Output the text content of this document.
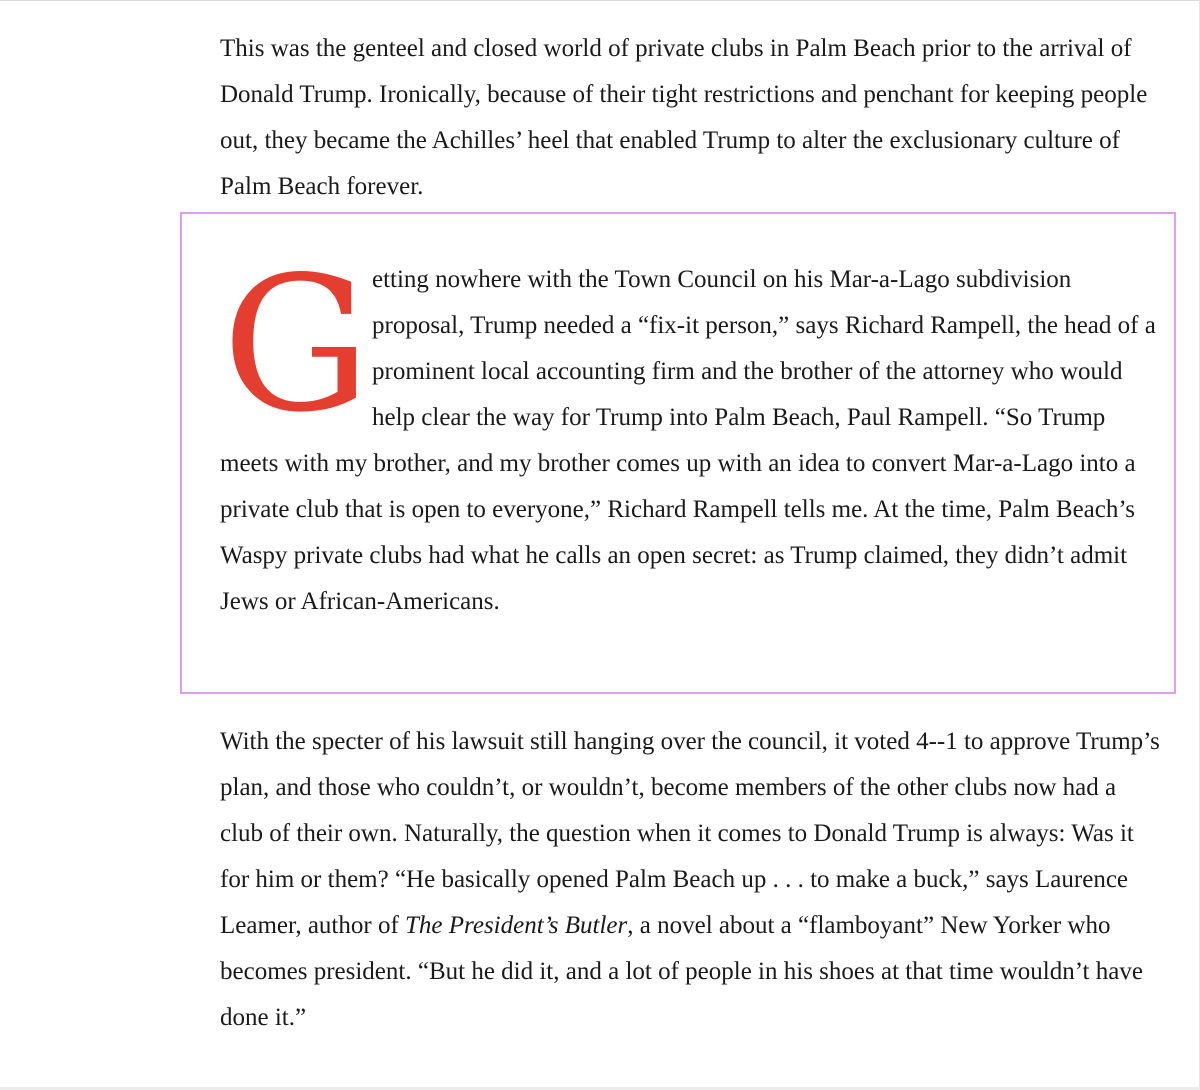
This was the genteel and closed world of private clubs in Palm Beach prior to the arrival of Donald Trump. Ironically, because of their tight restrictions and penchant for keeping people out, they became the Achilles’ heel that enabled Trump to alter the exclusionary culture of Palm Beach forever.

Getting nowhere with the Town Council on his Mar-a-Lago subdivision proposal, Trump needed a “fix-it person,” says Richard Rampell, the head of a prominent local accounting firm and the brother of the attorney who would help clear the way for Trump into Palm Beach, Paul Rampell. “So Trump meets with my brother, and my brother comes up with an idea to convert Mar-a-Lago into a private club that is open to everyone,” Richard Rampell tells me. At the time, Palm Beach’s Waspy private clubs had what he calls an open secret: as Trump claimed, they didn’t admit Jews or African-Americans.

With the specter of his lawsuit still hanging over the council, it voted 4--1 to approve Trump’s plan, and those who couldn’t, or wouldn’t, become members of the other clubs now had a club of their own. Naturally, the question when it comes to Donald Trump is always: Was it for him or them? “He basically opened Palm Beach up . . . to make a buck,” says Laurence Leamer, author of The President’s Butler, a novel about a “flamboyant” New Yorker who becomes president. “But he did it, and a lot of people in his shoes at that time wouldn’t have done it.”
